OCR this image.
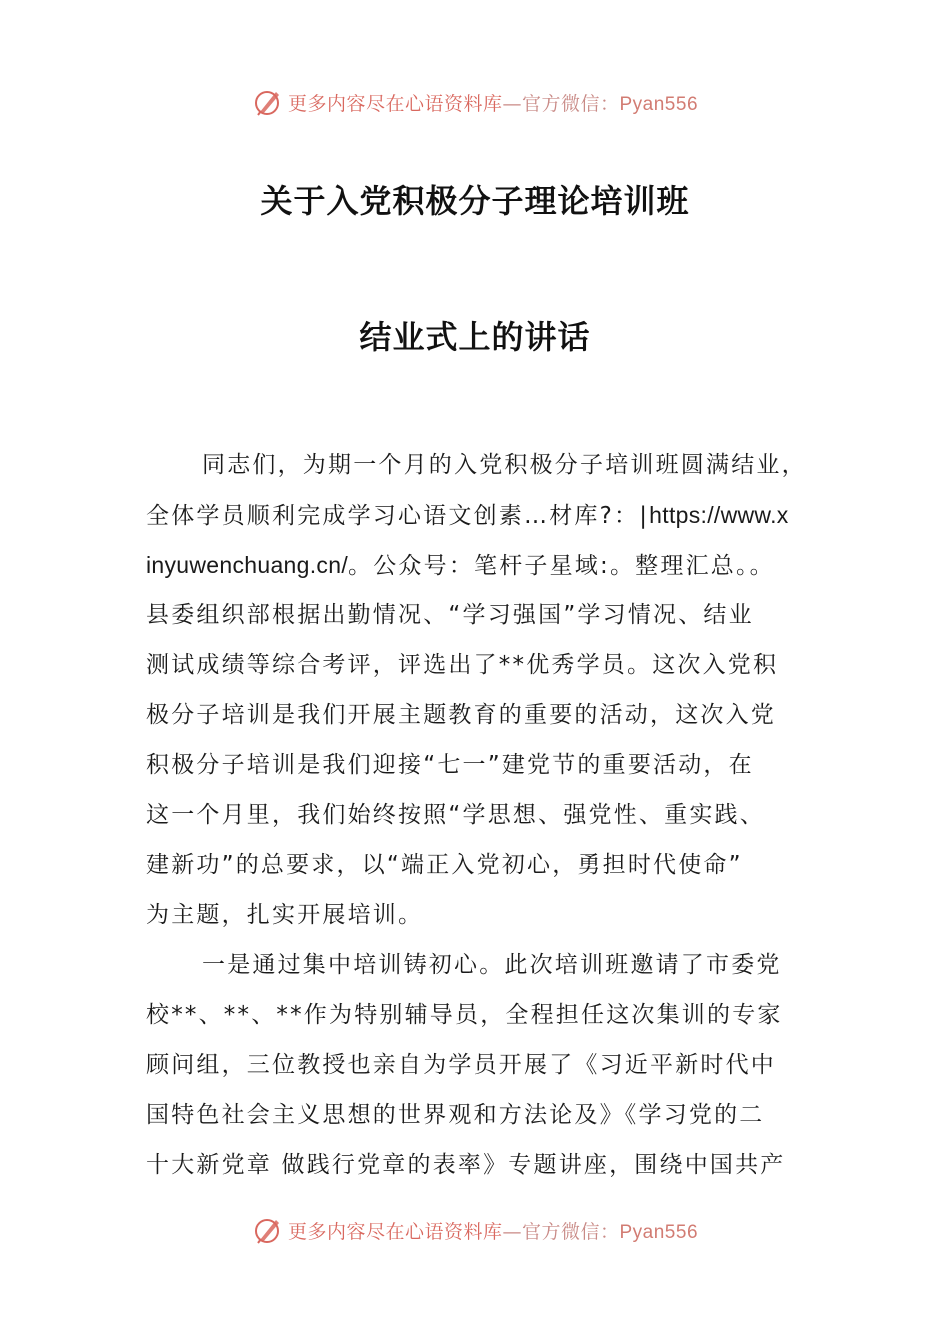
更多内容尽在心语资料库—官方微信：Pyan556
关于入党积极分子理论培训班
结业式上的讲话
同志们，为期一个月的入党积极分子培训班圆满结业，
全体学员顺利完成学习心语文创素…材库?：|https://www.x
inyuwenchuang.cn/。公众号：笔杆子星域:。整理汇总。。
县委组织部根据出勤情况、“学习强国”学习情况、结业
测试成绩等综合考评，评选出了**优秀学员。这次入党积
极分子培训是我们开展主题教育的重要的活动，这次入党
积极分子培训是我们迎接“七一”建党节的重要活动，在
这一个月里，我们始终按照“学思想、强党性、重实践、
建新功”的总要求，以“端正入党初心，勇担时代使命”
为主题，扎实开展培训。
一是通过集中培训铸初心。此次培训班邀请了市委党
校**、**、**作为特别辅导员，全程担任这次集训的专家
顾问组，三位教授也亲自为学员开展了《习近平新时代中
国特色社会主义思想的世界观和方法论及》《学习党的二
十大新党章 做践行党章的表率》专题讲座，围绕中国共产
更多内容尽在心语资料库—官方微信：Pyan556
